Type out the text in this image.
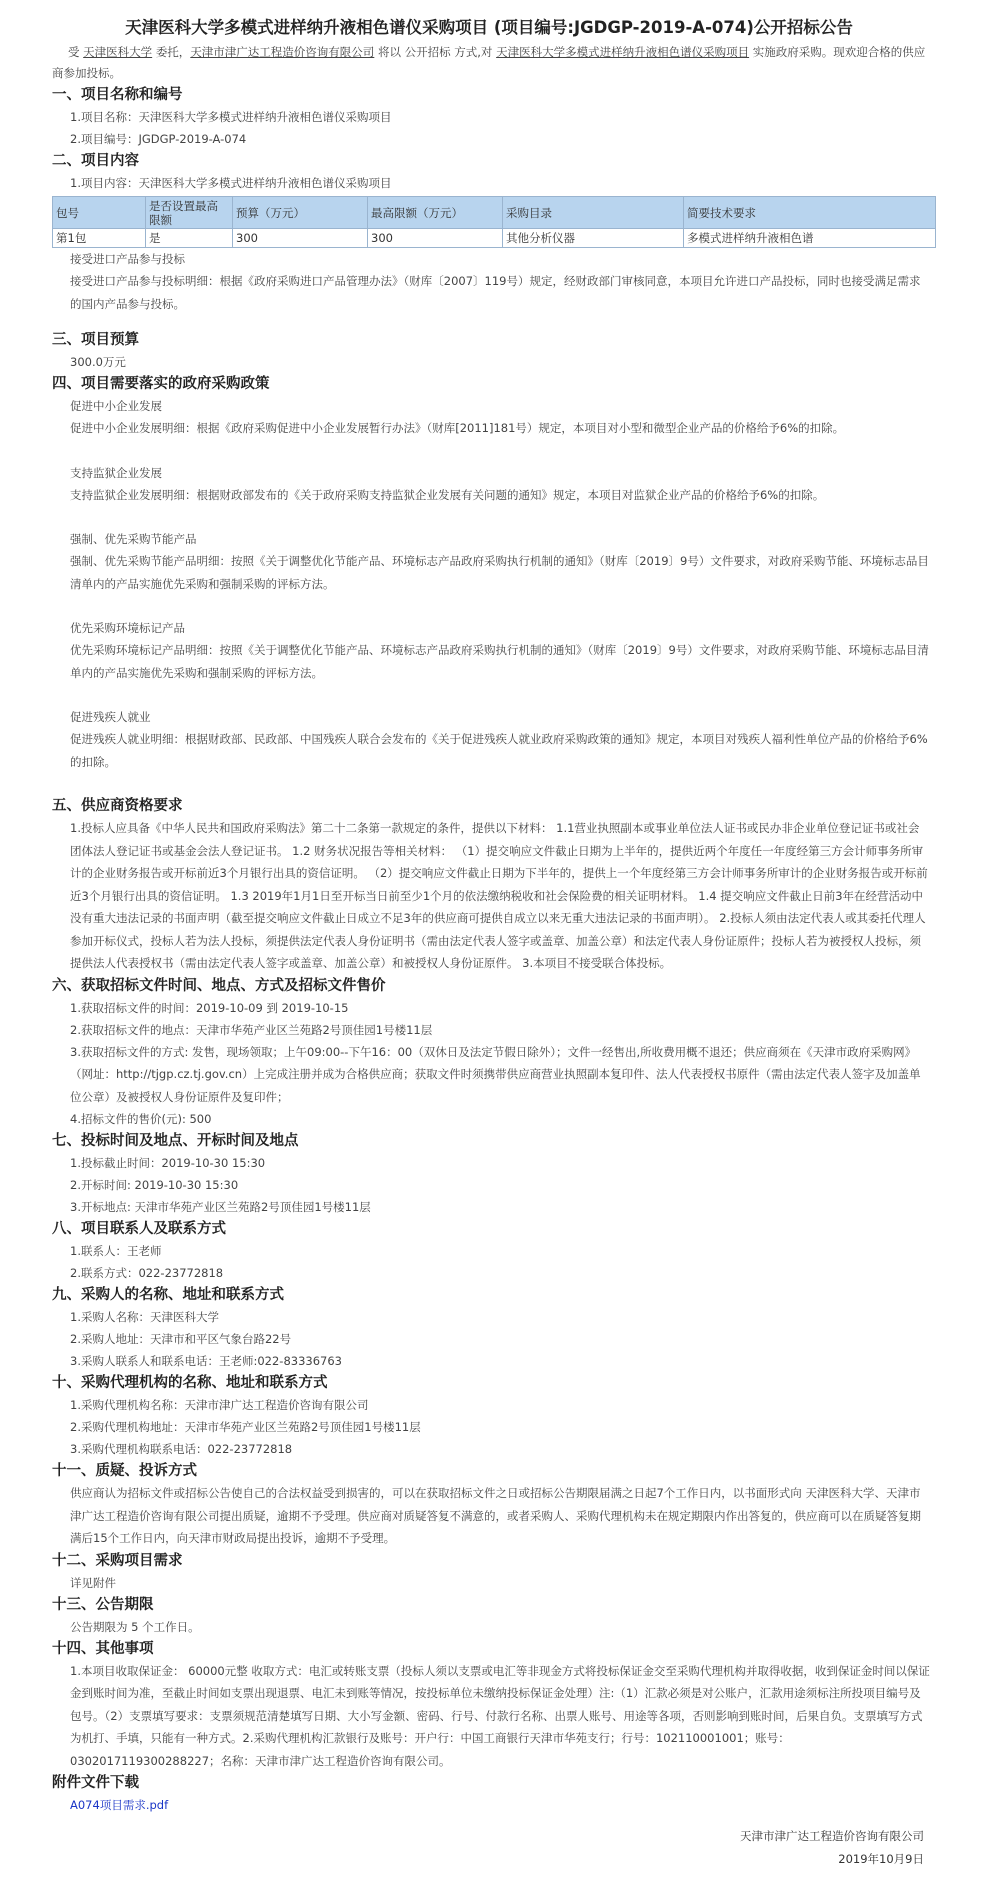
天津医科大学多模式进样纳升液相色谱仪采购项目 (项目编号:JGDGP-2019-A-074)公开招标公告
受 天津医科大学 委托，天津市津广达工程造价咨询有限公司 将以 公开招标 方式,对 天津医科大学多模式进样纳升液相色谱仪采购项目 实施政府采购。现欢迎合格的供应商参加投标。
一、项目名称和编号
1.项目名称：天津医科大学多模式进样纳升液相色谱仪采购项目
2.项目编号：JGDGP-2019-A-074
二、项目内容
1.项目内容：天津医科大学多模式进样纳升液相色谱仪采购项目
包号	是否设置最高限额	预算（万元）	最高限额（万元）	采购目录	简要技术要求
第1包	是	300	300	其他分析仪器	多模式进样纳升液相色谱
接受进口产品参与投标
接受进口产品参与投标明细：根据《政府采购进口产品管理办法》（财库〔2007〕119号）规定，经财政部门审核同意，本项目允许进口产品投标，同时也接受满足需求的国内产品参与投标。
三、项目预算
300.0万元
四、项目需要落实的政府采购政策
促进中小企业发展
促进中小企业发展明细：根据《政府采购促进中小企业发展暂行办法》（财库[2011]181号）规定，本项目对小型和微型企业产品的价格给予6%的扣除。
支持监狱企业发展
支持监狱企业发展明细：根据财政部发布的《关于政府采购支持监狱企业发展有关问题的通知》规定，本项目对监狱企业产品的价格给予6%的扣除。
强制、优先采购节能产品
强制、优先采购节能产品明细：按照《关于调整优化节能产品、环境标志产品政府采购执行机制的通知》（财库〔2019〕9号）文件要求，对政府采购节能、环境标志品目清单内的产品实施优先采购和强制采购的评标方法。
优先采购环境标记产品
优先采购环境标记产品明细：按照《关于调整优化节能产品、环境标志产品政府采购执行机制的通知》（财库〔2019〕9号）文件要求，对政府采购节能、环境标志品目清单内的产品实施优先采购和强制采购的评标方法。
促进残疾人就业
促进残疾人就业明细：根据财政部、民政部、中国残疾人联合会发布的《关于促进残疾人就业政府采购政策的通知》规定，本项目对残疾人福利性单位产品的价格给予6%的扣除。
五、供应商资格要求
1.投标人应具备《中华人民共和国政府采购法》第二十二条第一款规定的条件，提供以下材料： 1.1营业执照副本或事业单位法人证书或民办非企业单位登记证书或社会团体法人登记证书或基金会法人登记证书。 1.2 财务状况报告等相关材料： （1）提交响应文件截止日期为上半年的，提供近两个年度任一年度经第三方会计师事务所审计的企业财务报告或开标前近3个月银行出具的资信证明。 （2）提交响应文件截止日期为下半年的，提供上一个年度经第三方会计师事务所审计的企业财务报告或开标前近3个月银行出具的资信证明。 1.3 2019年1月1日至开标当日前至少1个月的依法缴纳税收和社会保险费的相关证明材料。 1.4 提交响应文件截止日前3年在经营活动中没有重大违法记录的书面声明（截至提交响应文件截止日成立不足3年的供应商可提供自成立以来无重大违法记录的书面声明）。 2.投标人须由法定代表人或其委托代理人参加开标仪式，投标人若为法人投标，须提供法定代表人身份证明书（需由法定代表人签字或盖章、加盖公章）和法定代表人身份证原件；投标人若为被授权人投标，须提供法人代表授权书（需由法定代表人签字或盖章、加盖公章）和被授权人身份证原件。 3.本项目不接受联合体投标。
六、获取招标文件时间、地点、方式及招标文件售价
1.获取招标文件的时间：2019-10-09 到 2019-10-15
2.获取招标文件的地点：天津市华苑产业区兰苑路2号顶佳园1号楼11层
3.获取招标文件的方式: 发售，现场领取；上午09:00--下午16：00（双休日及法定节假日除外）；文件一经售出,所收费用概不退还；供应商须在《天津市政府采购网》（网址：http://tjgp.cz.tj.gov.cn）上完成注册并成为合格供应商；获取文件时须携带供应商营业执照副本复印件、法人代表授权书原件（需由法定代表人签字及加盖单位公章）及被授权人身份证原件及复印件；
4.招标文件的售价(元): 500
七、投标时间及地点、开标时间及地点
1.投标截止时间：2019-10-30 15:30
2.开标时间: 2019-10-30 15:30
3.开标地点: 天津市华苑产业区兰苑路2号顶佳园1号楼11层
八、项目联系人及联系方式
1.联系人：王老师
2.联系方式：022-23772818
九、采购人的名称、地址和联系方式
1.采购人名称：天津医科大学
2.采购人地址：天津市和平区气象台路22号
3.采购人联系人和联系电话：王老师:022-83336763
十、采购代理机构的名称、地址和联系方式
1.采购代理机构名称：天津市津广达工程造价咨询有限公司
2.采购代理机构地址：天津市华苑产业区兰苑路2号顶佳园1号楼11层
3.采购代理机构联系电话：022-23772818
十一、质疑、投诉方式
供应商认为招标文件或招标公告使自己的合法权益受到损害的，可以在获取招标文件之日或招标公告期限届满之日起7个工作日内，以书面形式向 天津医科大学、天津市津广达工程造价咨询有限公司提出质疑，逾期不予受理。供应商对质疑答复不满意的，或者采购人、采购代理机构未在规定期限内作出答复的，供应商可以在质疑答复期满后15个工作日内，向天津市财政局提出投诉，逾期不予受理。
十二、采购项目需求
详见附件
十三、公告期限
公告期限为 5 个工作日。
十四、其他事项
1.本项目收取保证金： 60000元整 收取方式：电汇或转账支票（投标人须以支票或电汇等非现金方式将投标保证金交至采购代理机构并取得收据，收到保证金时间以保证金到账时间为准，至截止时间如支票出现退票、电汇未到账等情况，按投标单位未缴纳投标保证金处理）注:（1）汇款必须是对公账户，汇款用途须标注所投项目编号及包号。（2）支票填写要求：支票须规范清楚填写日期、大小写金额、密码、行号、付款行名称、出票人账号、用途等各项，否则影响到账时间，后果自负。支票填写方式为机打、手填，只能有一种方式。2.采购代理机构汇款银行及账号：开户行：中国工商银行天津市华苑支行；行号：102110001001；账号：0302017119300288227；名称：天津市津广达工程造价咨询有限公司。
附件文件下载
A074项目需求.pdf
天津市津广达工程造价咨询有限公司
2019年10月9日
